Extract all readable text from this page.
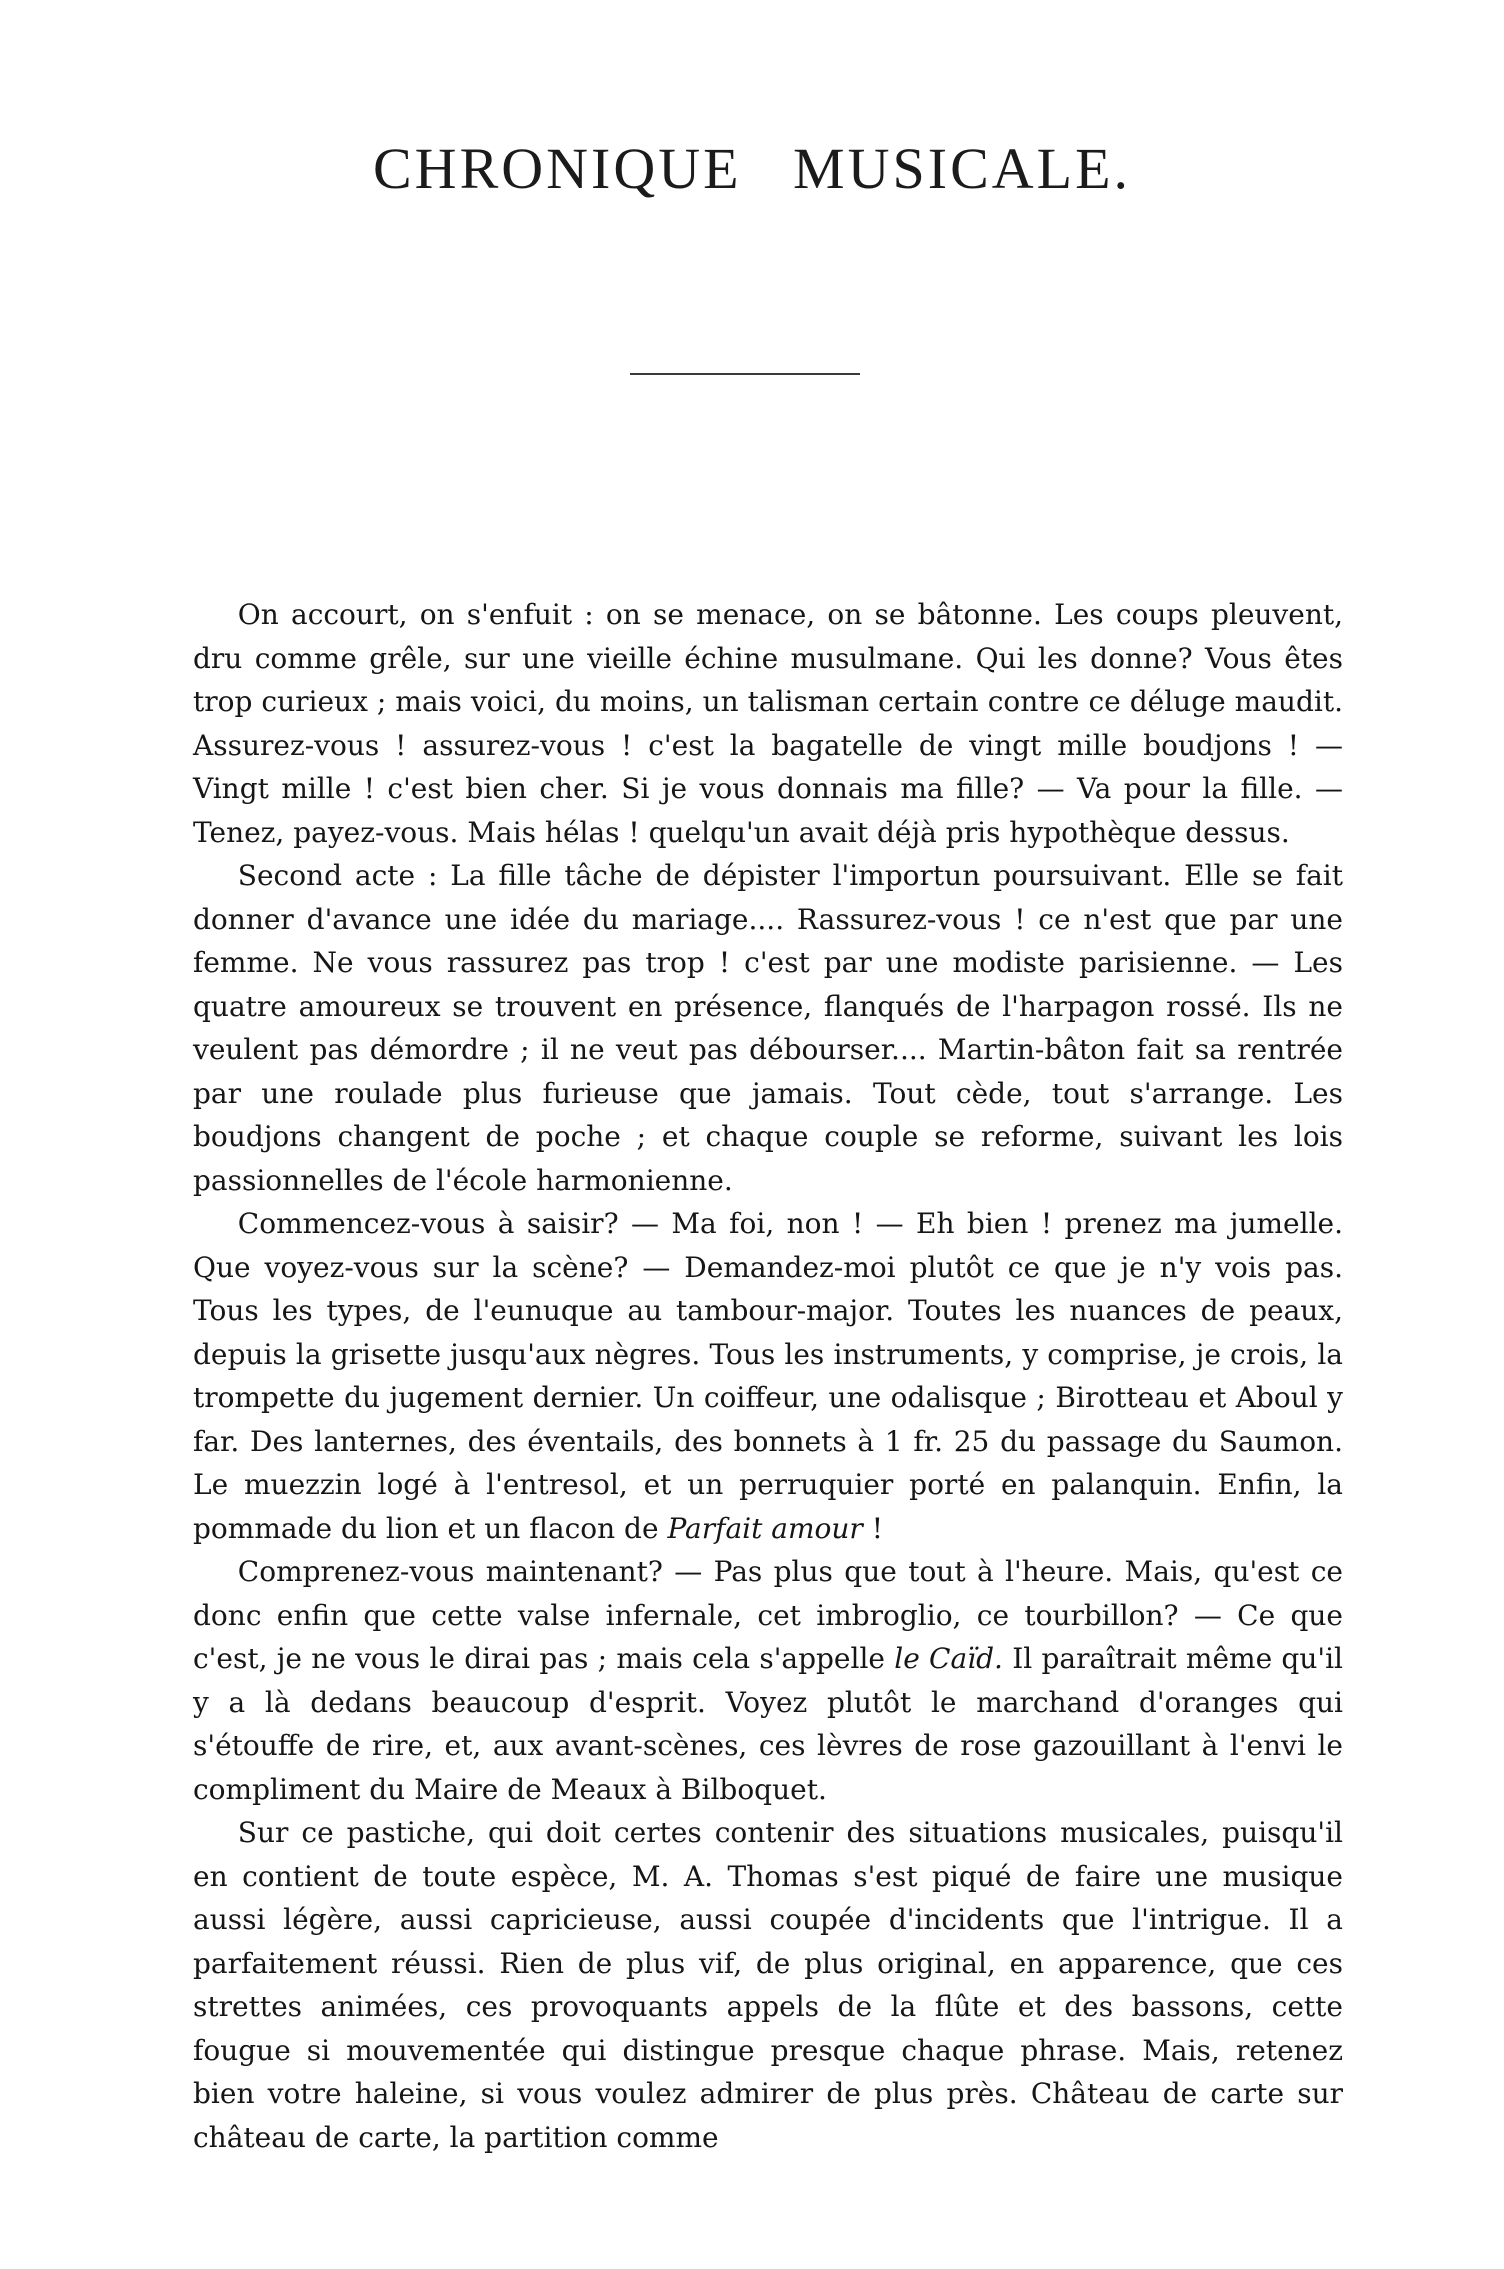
CHRONIQUE MUSICALE.

On accourt, on s'enfuit : on se menace, on se bâtonne. Les coups pleuvent, dru comme grêle, sur une vieille échine musulmane. Qui les donne? Vous êtes trop curieux ; mais voici, du moins, un talisman certain contre ce déluge maudit. Assurez-vous ! assurez-vous ! c'est la bagatelle de vingt mille boudjons ! — Vingt mille ! c'est bien cher. Si je vous donnais ma fille? — Va pour la fille. — Tenez, payez-vous. Mais hélas ! quelqu'un avait déjà pris hypothèque dessus.

Second acte : La fille tâche de dépister l'importun poursuivant. Elle se fait donner d'avance une idée du mariage.... Rassurez-vous ! ce n'est que par une femme. Ne vous rassurez pas trop ! c'est par une modiste parisienne. — Les quatre amoureux se trouvent en présence, flanqués de l'harpagon rossé. Ils ne veulent pas démordre ; il ne veut pas débourser.... Martin-bâton fait sa rentrée par une roulade plus furieuse que jamais. Tout cède, tout s'arrange. Les boudjons changent de poche ; et chaque couple se reforme, suivant les lois passionnelles de l'école harmonienne.

Commencez-vous à saisir? — Ma foi, non ! — Eh bien ! prenez ma jumelle. Que voyez-vous sur la scène? — Demandez-moi plutôt ce que je n'y vois pas. Tous les types, de l'eunuque au tambour-major. Toutes les nuances de peaux, depuis la grisette jusqu'aux nègres. Tous les instruments, y comprise, je crois, la trompette du jugement dernier. Un coiffeur, une odalisque ; Birotteau et Aboul y far. Des lanternes, des éventails, des bonnets à 1 fr. 25 du passage du Saumon. Le muezzin logé à l'entresol, et un perruquier porté en palanquin. Enfin, la pommade du lion et un flacon de Parfait amour !

Comprenez-vous maintenant? — Pas plus que tout à l'heure. Mais, qu'est ce donc enfin que cette valse infernale, cet imbroglio, ce tourbillon? — Ce que c'est, je ne vous le dirai pas ; mais cela s'appelle le Caïd. Il paraîtrait même qu'il y a là dedans beaucoup d'esprit. Voyez plutôt le marchand d'oranges qui s'étouffe de rire, et, aux avant-scènes, ces lèvres de rose gazouillant à l'envi le compliment du Maire de Meaux à Bilboquet.

Sur ce pastiche, qui doit certes contenir des situations musicales, puisqu'il en contient de toute espèce, M. A. Thomas s'est piqué de faire une musique aussi légère, aussi capricieuse, aussi coupée d'incidents que l'intrigue. Il a parfaitement réussi. Rien de plus vif, de plus original, en apparence, que ces strettes animées, ces provoquants appels de la flûte et des bassons, cette fougue si mouvementée qui distingue presque chaque phrase. Mais, retenez bien votre haleine, si vous voulez admirer de plus près. Château de carte sur château de carte, la partition comme
